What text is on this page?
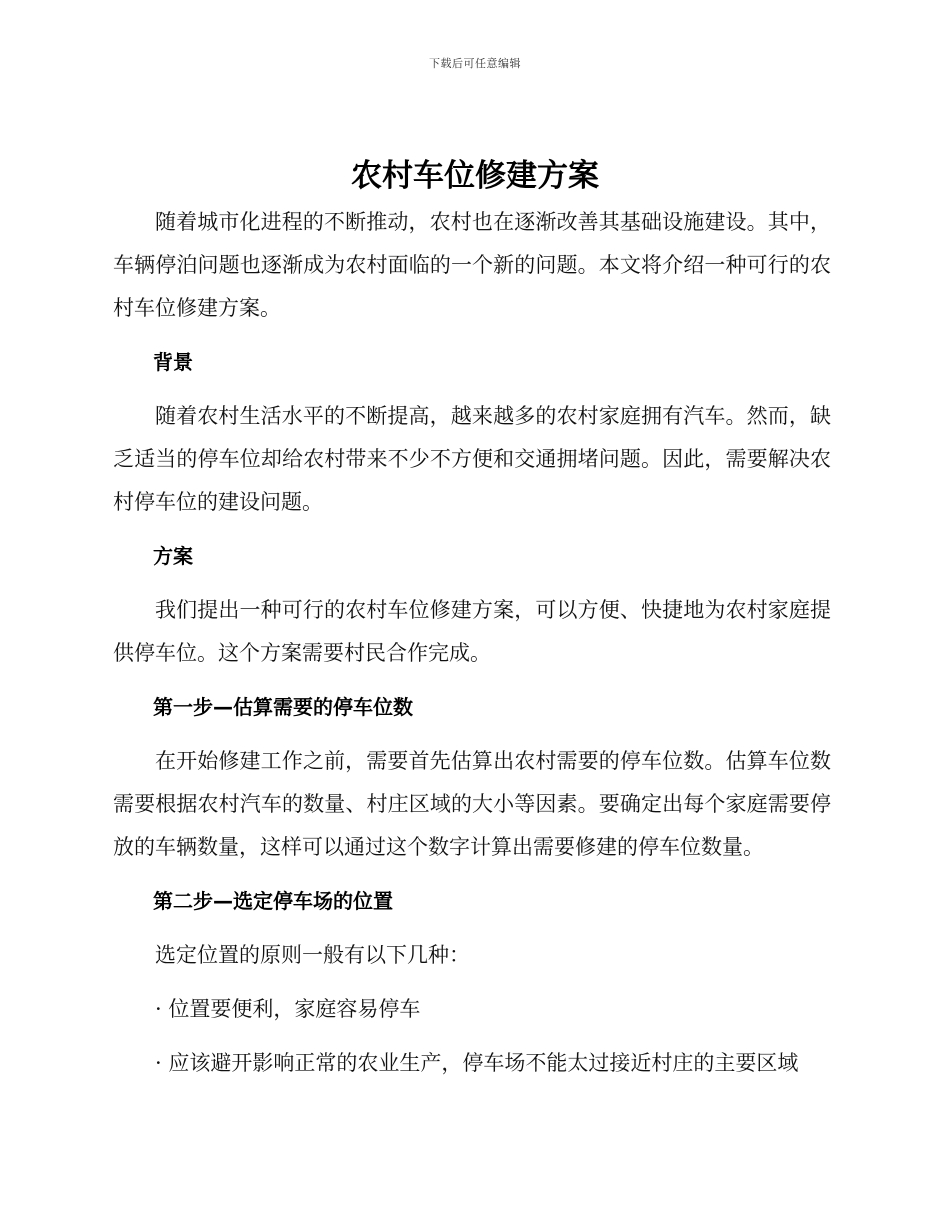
下载后可任意编辑
农村车位修建方案

随着城市化进程的不断推动，农村也在逐渐改善其基础设施建设。其中，车辆停泊问题也逐渐成为农村面临的一个新的问题。本文将介绍一种可行的农村车位修建方案。

背景

随着农村生活水平的不断提高，越来越多的农村家庭拥有汽车。然而，缺乏适当的停车位却给农村带来不少不方便和交通拥堵问题。因此，需要解决农村停车位的建设问题。

方案

我们提出一种可行的农村车位修建方案，可以方便、快捷地为农村家庭提供停车位。这个方案需要村民合作完成。

第一步—估算需要的停车位数

在开始修建工作之前，需要首先估算出农村需要的停车位数。估算车位数需要根据农村汽车的数量、村庄区域的大小等因素。要确定出每个家庭需要停放的车辆数量，这样可以通过这个数字计算出需要修建的停车位数量。

第二步—选定停车场的位置

选定位置的原则一般有以下几种：

· 位置要便利，家庭容易停车

· 应该避开影响正常的农业生产，停车场不能太过接近村庄的主要区域
